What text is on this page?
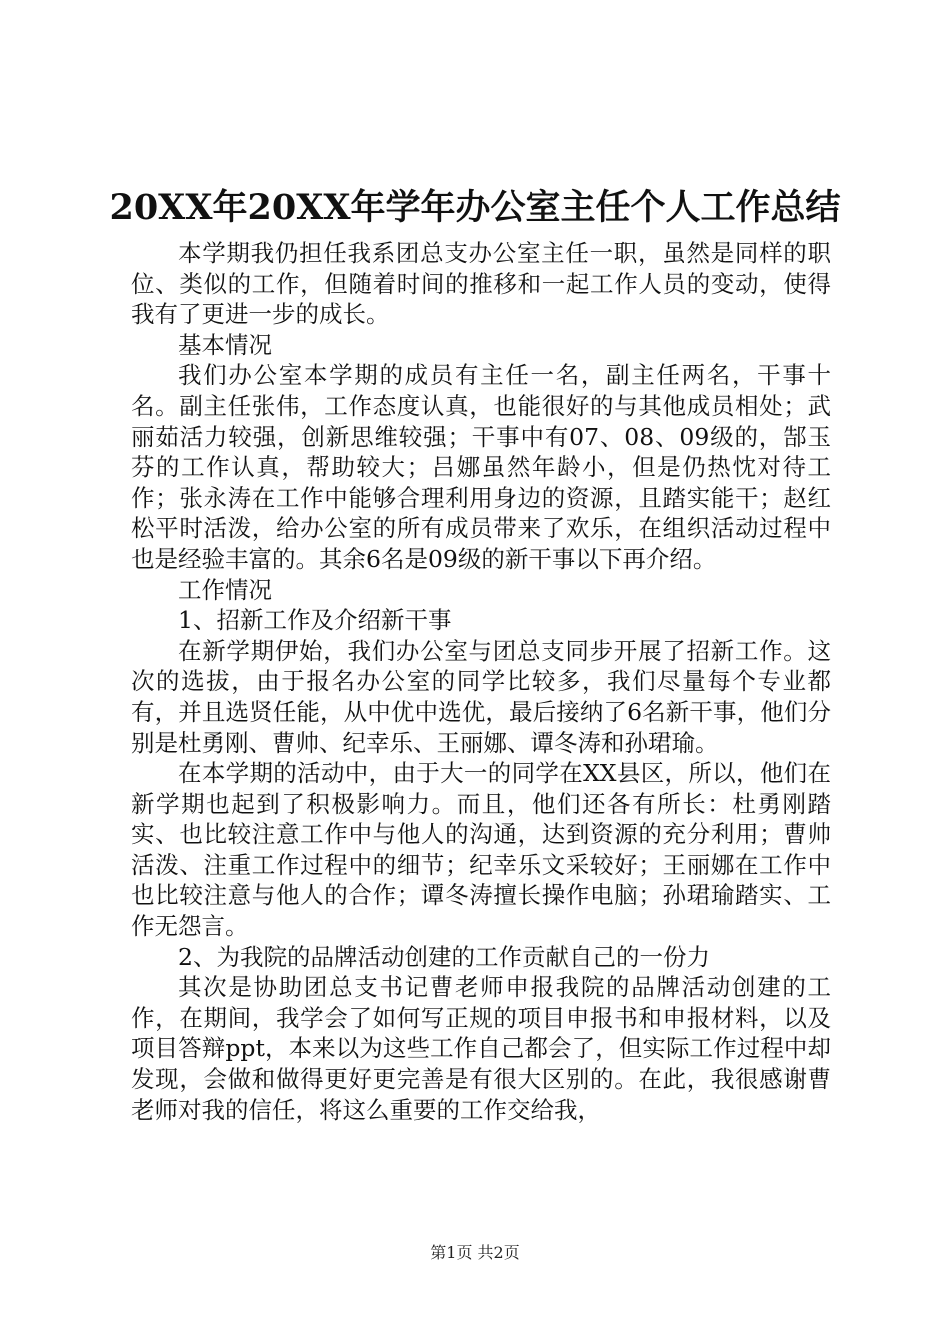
20XX年20XX年学年办公室主任个人工作总结

本学期我仍担任我系团总支办公室主任一职，虽然是同样的职位、类似的工作，但随着时间的推移和一起工作人员的变动，使得我有了更进一步的成长。

基本情况

我们办公室本学期的成员有主任一名，副主任两名，干事十名。副主任张伟，工作态度认真，也能很好的与其他成员相处；武丽茹活力较强，创新思维较强；干事中有07、08、09级的，郜玉芬的工作认真，帮助较大；吕娜虽然年龄小，但是仍热忱对待工作；张永涛在工作中能够合理利用身边的资源，且踏实能干；赵红松平时活泼，给办公室的所有成员带来了欢乐，在组织活动过程中也是经验丰富的。其余6名是09级的新干事以下再介绍。

工作情况

1、招新工作及介绍新干事

在新学期伊始，我们办公室与团总支同步开展了招新工作。这次的选拔，由于报名办公室的同学比较多，我们尽量每个专业都有，并且选贤任能，从中优中选优，最后接纳了6名新干事，他们分别是杜勇刚、曹帅、纪幸乐、王丽娜、谭冬涛和孙珺瑜。

在本学期的活动中，由于大一的同学在XX县区，所以，他们在新学期也起到了积极影响力。而且，他们还各有所长：杜勇刚踏实、也比较注意工作中与他人的沟通，达到资源的充分利用；曹帅活泼、注重工作过程中的细节；纪幸乐文采较好；王丽娜在工作中也比较注意与他人的合作；谭冬涛擅长操作电脑；孙珺瑜踏实、工作无怨言。

2、为我院的品牌活动创建的工作贡献自己的一份力

其次是协助团总支书记曹老师申报我院的品牌活动创建的工作，在期间，我学会了如何写正规的项目申报书和申报材料，以及项目答辩ppt，本来以为这些工作自己都会了，但实际工作过程中却发现，会做和做得更好更完善是有很大区别的。在此，我很感谢曹老师对我的信任，将这么重要的工作交给我，

第1页 共2页
